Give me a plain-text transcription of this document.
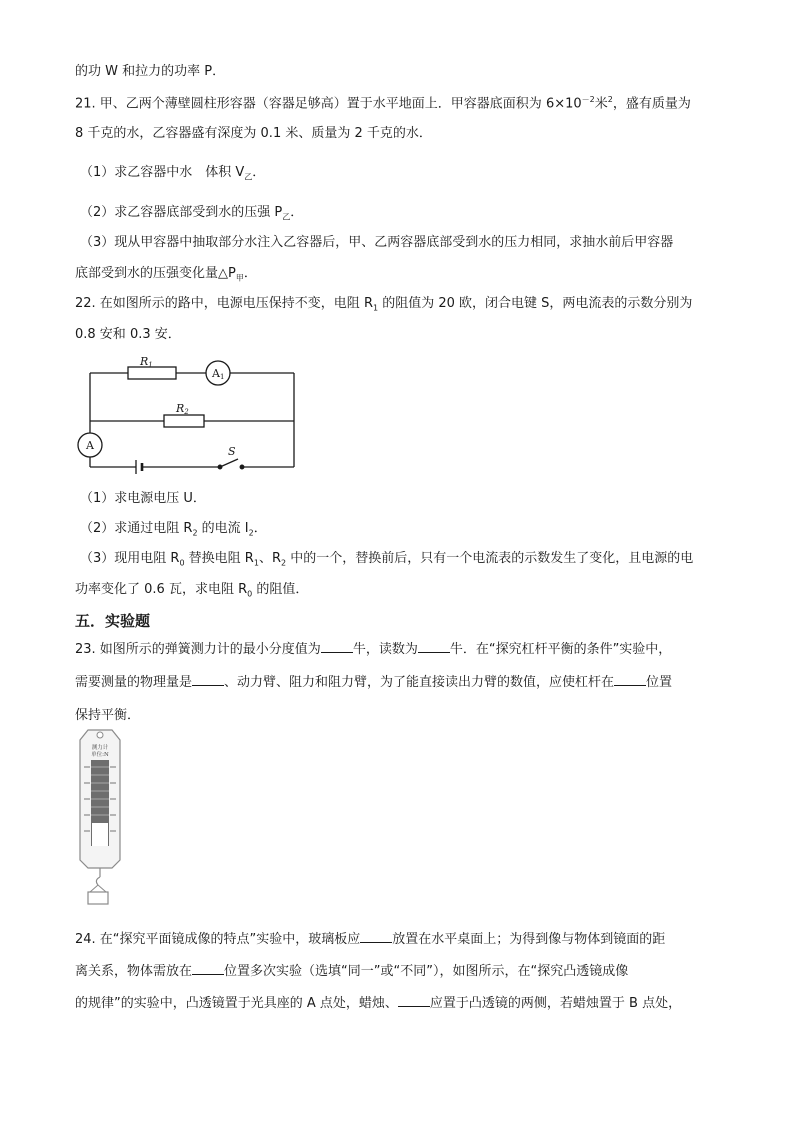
的功 W 和拉力的功率 P．
21. 甲、乙两个薄壁圆柱形容器（容器足够高）置于水平地面上．甲容器底面积为 $6\times 10^{-2}$米$^2$，盛有质量为
8 千克的水，乙容器盛有深度为 0.1 米、质量为 2 千克的水．
（1）求乙容器中水　体积 $V_乙$．
（2）求乙容器底部受到水的压强 $P_乙$．
（3）现从甲容器中抽取部分水注入乙容器后，甲、乙两容器底部受到水的压力相同，求抽水前后甲容器
底部受到水的压强变化量$\triangle P_甲$．
22. 在如图所示的路中，电源电压保持不变，电阻 $R_1$ 的阻值为 20 欧，闭合电键 S，两电流表的示数分别为
0.8 安和 0.3 安．
R1
R2
A1
A	S
（1）求电源电压 U．
（2）求通过电阻 $R_2$ 的电流 $I_2$．
（3）现用电阻 $R_0$ 替换电阻 $R_1$、$R_2$ 中的一个，替换前后，只有一个电流表的示数发生了变化，且电源的电
功率变化了 0.6 瓦，求电阻 $R_0$ 的阻值．
五．实验题
23. 如图所示的弹簧测力计的最小分度值为 牛，读数为 牛．在“探究杠杆平衡的条件”实验中，
需要测量的物理量是 、动力臂、阻力和阻力臂，为了能直接读出力臂的数值，应使杠杆在 位置
保持平衡．
测力计
单位:N
24. 在“探究平面镜成像的特点”实验中，玻璃板应 放置在水平桌面上；为得到像与物体到镜面的距
离关系，物体需放在 位置多次实验（选填“同一”或“不同”），如图所示，在“探究凸透镜成像
的规律”的实验中，凸透镜置于光具座的 A 点处，蜡烛、 应置于凸透镜的两侧，若蜡烛置于 B 点处，
